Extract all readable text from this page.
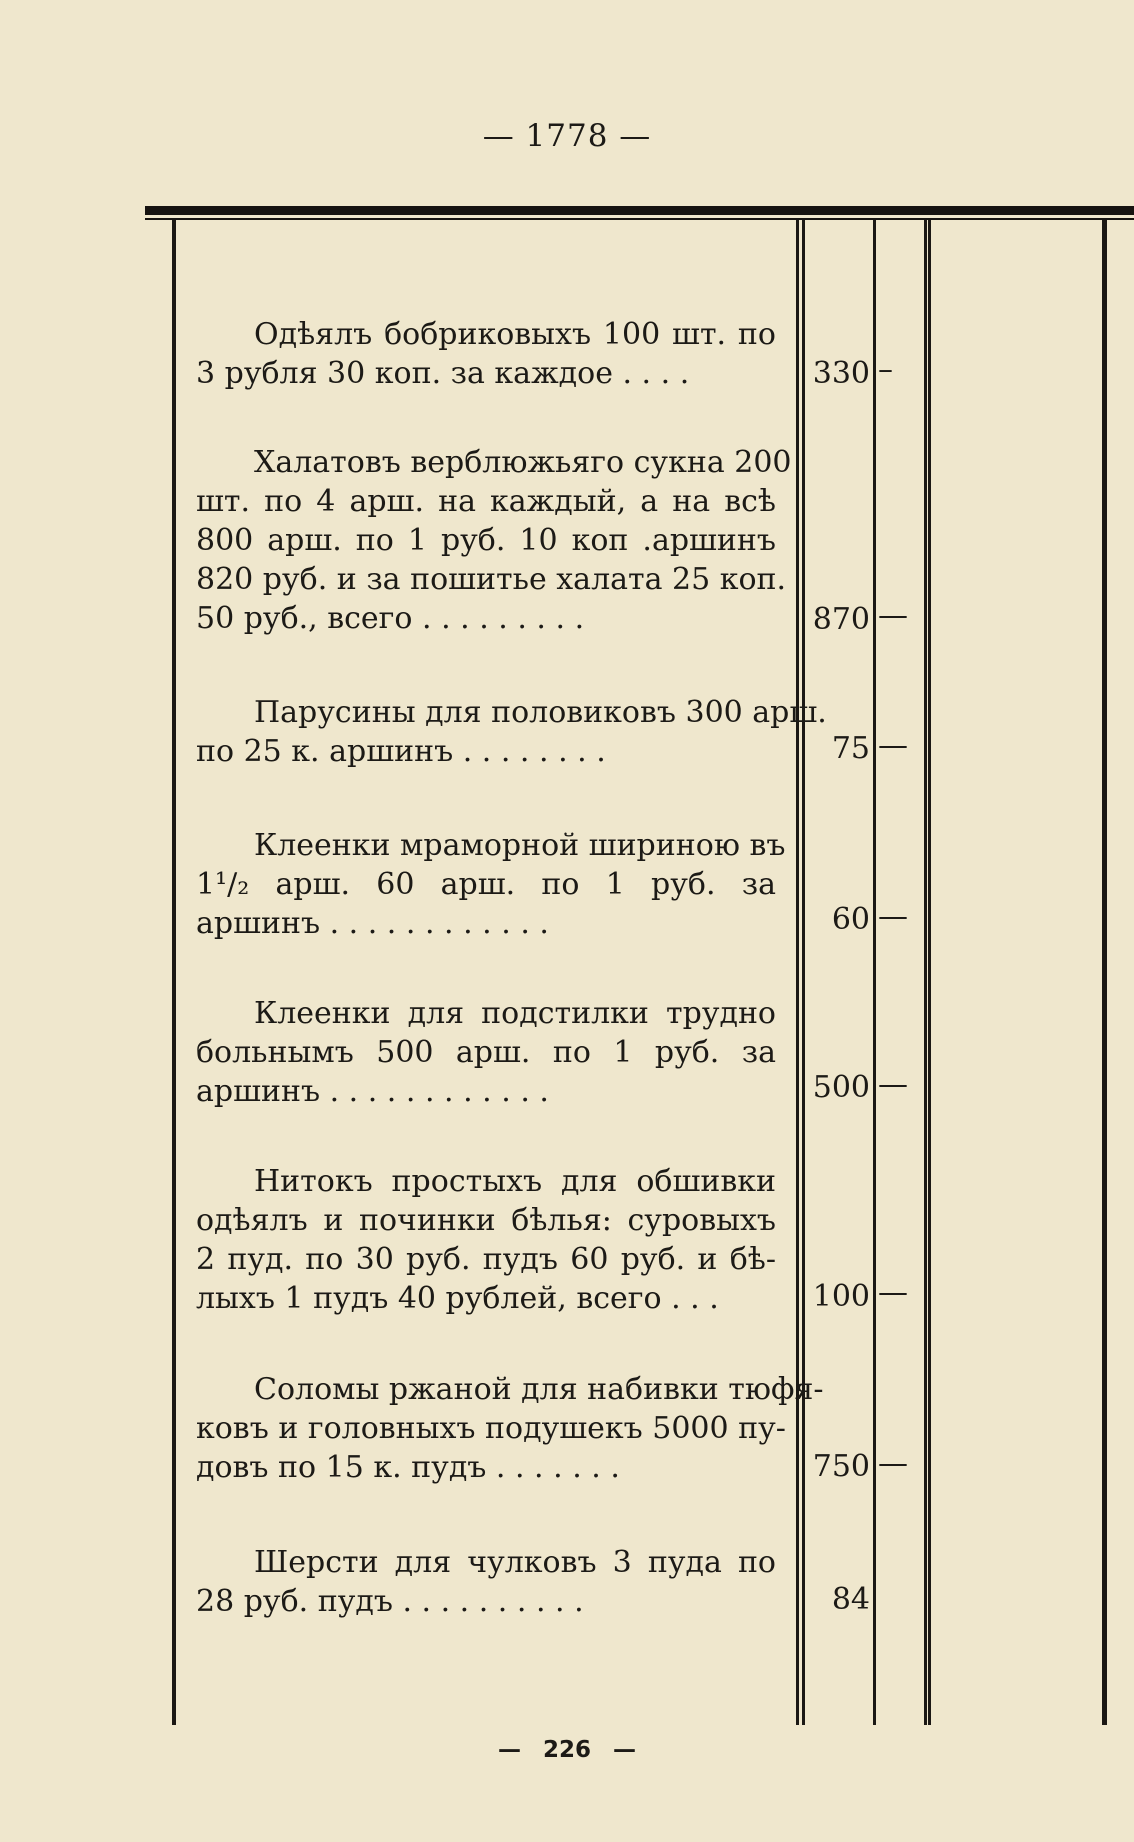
— 1778 —
Одѣялъ бобриковыхъ 100 шт. по
3 рубля 30 коп. за каждое . . . .	330 –
Халатовъ верблюжьяго сукна 200
шт. по 4 арш. на каждый, а на всѣ
800 арш. по 1 руб. 10 коп .аршинъ
820 руб. и за пошитье халата 25 коп.
50 руб., всего . . . . . . . . .	870 —
Парусины для половиковъ 300 арш.
по 25 к. аршинъ . . . . . . . .	75 —
Клеенки мраморной шириною въ
1¹/₂ арш. 60 арш. по 1 руб. за
аршинъ . . . . . . . . . . . .	60 —
Клеенки для подстилки трудно
больнымъ 500 арш. по 1 руб. за
аршинъ . . . . . . . . . . . .	500 —
Нитокъ простыхъ для обшивки
одѣялъ и починки бѣлья: суровыхъ
2 пуд. по 30 руб. пудъ 60 руб. и бѣ-
лыхъ 1 пудъ 40 рублей, всего . . .	100 —
Соломы ржаной для набивки тюфя-
ковъ и головныхъ подушекъ 5000 пу-
довъ по 15 к. пудъ . . . . . . .	750 —
Шерсти для чулковъ 3 пуда по
28 руб. пудъ . . . . . . . . . .	84
— 226 —
